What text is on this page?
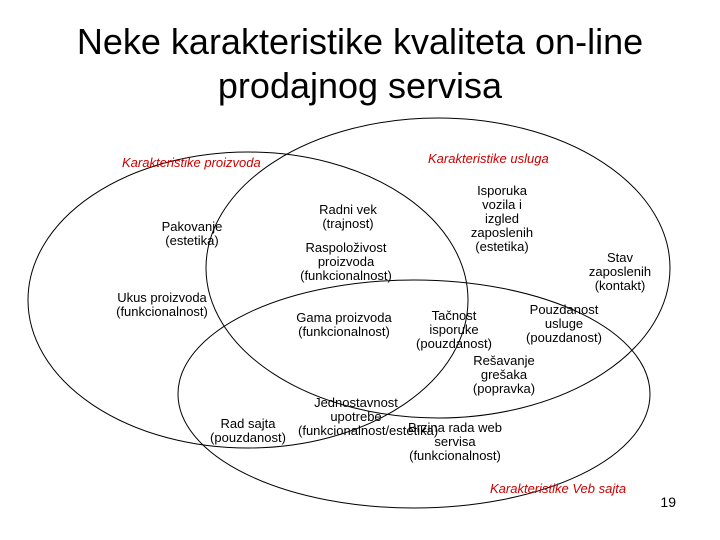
Neke karakteristike kvaliteta on-line
prodajnog servisa
Karakteristike proizvoda	Karakteristike usluga
Karakteristike Veb sajta
Pakovanje
(estetika)
Radni vek
(trajnost)
Isporuka
vozila i
izgled
zaposlenih
(estetika)
Raspoloživost
proizvoda
(funkcionalnost)
Stav
zaposlenih
(kontakt)
Ukus proizvoda
(funkcionalnost)	Gama proizvoda
(funkcionalnost)
Tačnost
isporuke
(pouzdanost)
Pouzdanost
usluge
(pouzdanost)
Rešavanje
grešaka
(popravka)
Rad sajta
(pouzdanost)
Jednostavnost
upotrebe
(funkcionalnost/estetika)
Brzina rada web
servisa
(funkcionalnost)
19
